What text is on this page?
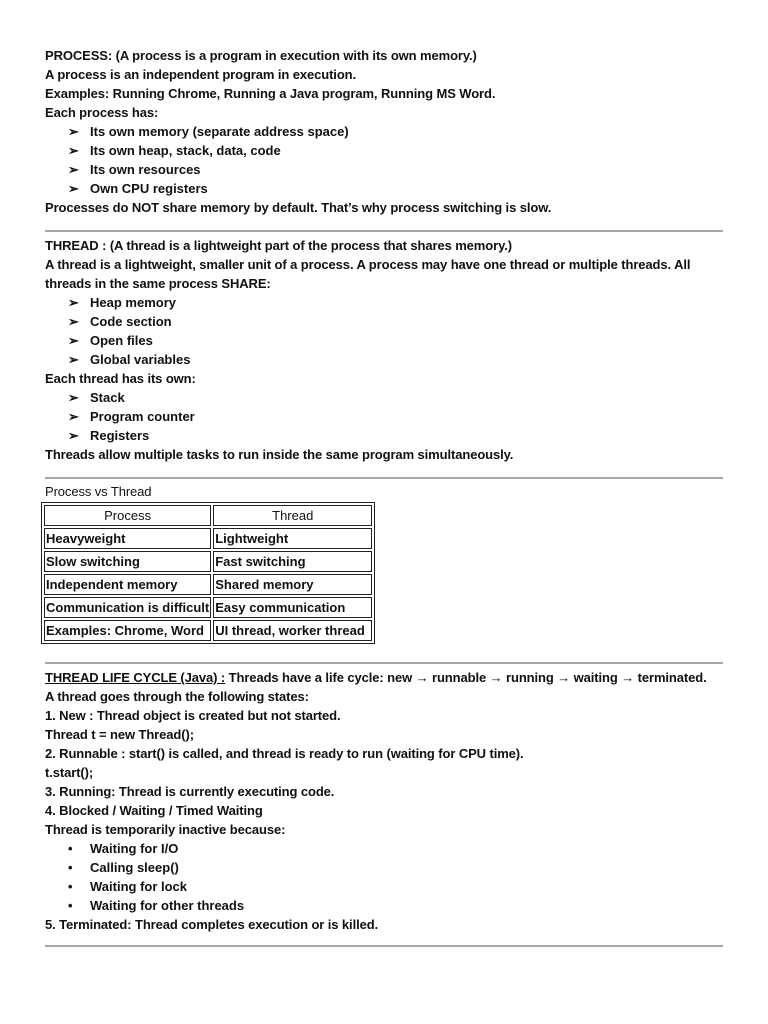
PROCESS: (A process is a program in execution with its own memory.)
A process is an independent program in execution.
Examples: Running Chrome, Running a Java program, Running MS Word.
Each process has:
➢ Its own memory (separate address space)
➢ Its own heap, stack, data, code
➢ Its own resources
➢ Own CPU registers
Processes do NOT share memory by default. That’s why process switching is slow.
THREAD : (A thread is a lightweight part of the process that shares memory.)
A thread is a lightweight, smaller unit of a process. A process may have one thread or multiple threads. All
threads in the same process SHARE:
➢ Heap memory
➢ Code section
➢ Open files
➢ Global variables
Each thread has its own:
➢ Stack
➢ Program counter
➢ Registers
Threads allow multiple tasks to run inside the same program simultaneously.
Process vs Thread
Process	Thread
Heavyweight	Lightweight
Slow switching	Fast switching
Independent memory	Shared memory
Communication is difficult	Easy communication
Examples: Chrome, Word	UI thread, worker thread
THREAD LIFE CYCLE (Java) : Threads have a life cycle: new → runnable → running → waiting → terminated.
A thread goes through the following states:
1. New : Thread object is created but not started.
Thread t = new Thread();
2. Runnable : start() is called, and thread is ready to run (waiting for CPU time).
t.start();
3. Running: Thread is currently executing code.
4. Blocked / Waiting / Timed Waiting
Thread is temporarily inactive because:
• Waiting for I/O
• Calling sleep()
• Waiting for lock
• Waiting for other threads
5. Terminated: Thread completes execution or is killed.
